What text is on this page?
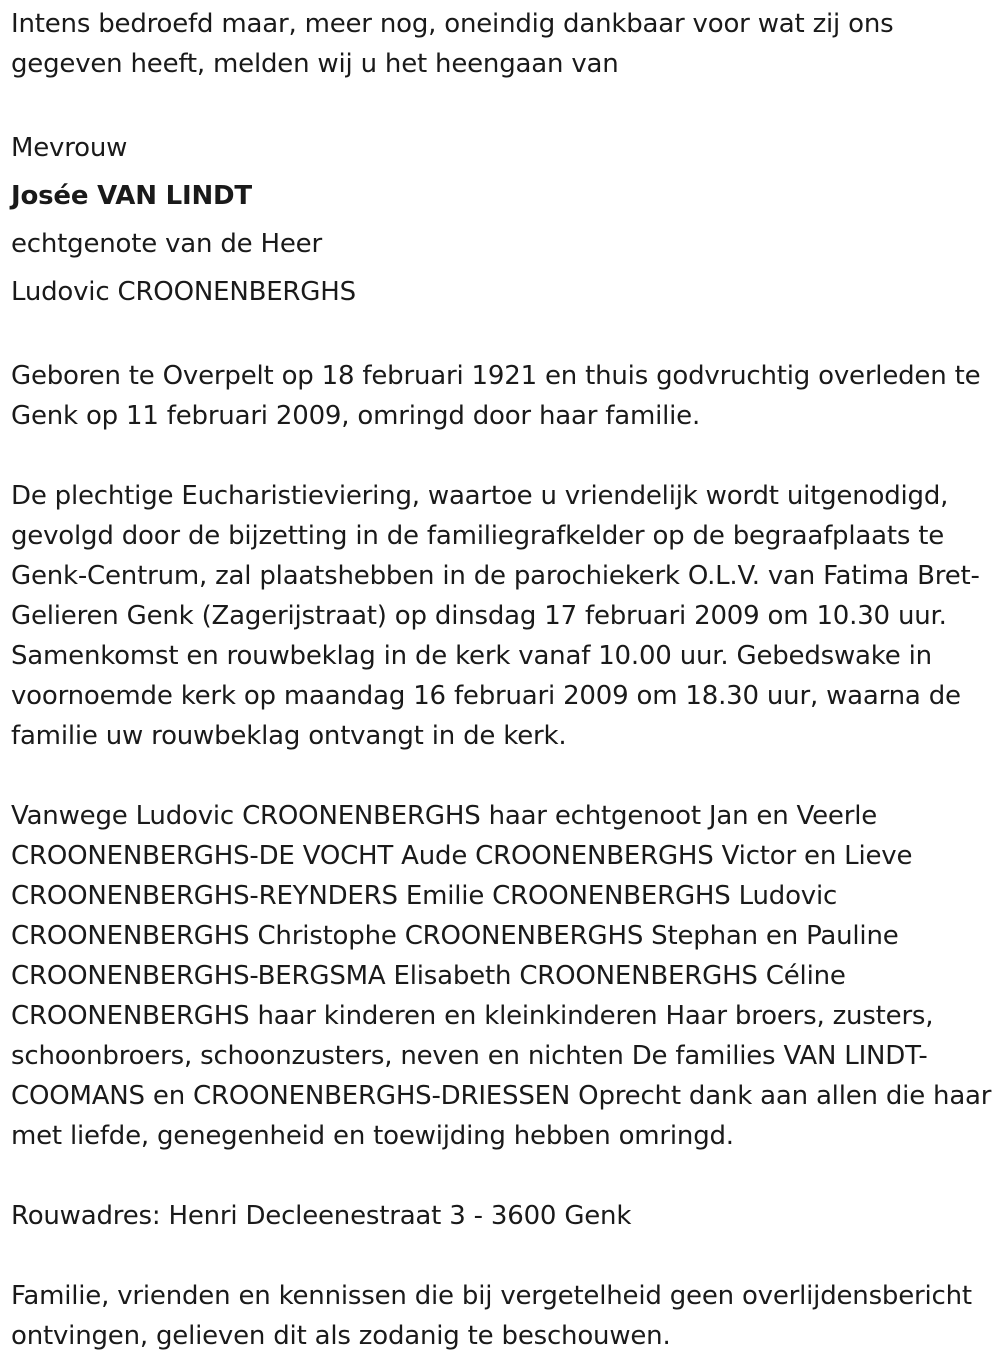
Intens bedroefd maar, meer nog, oneindig dankbaar voor wat zij ons gegeven heeft, melden wij u het heengaan van

Mevrouw

Josée VAN LINDT

echtgenote van de Heer

Ludovic CROONENBERGHS

Geboren te Overpelt op 18 februari 1921 en thuis godvruchtig overleden te Genk op 11 februari 2009, omringd door haar familie.

De plechtige Eucharistieviering, waartoe u vriendelijk wordt uitgenodigd, gevolgd door de bijzetting in de familiegrafkelder op de begraafplaats te Genk-Centrum, zal plaatshebben in de parochiekerk O.L.V. van Fatima Bret-Gelieren Genk (Zagerijstraat) op dinsdag 17 februari 2009 om 10.30 uur. Samenkomst en rouwbeklag in de kerk vanaf 10.00 uur. Gebedswake in voornoemde kerk op maandag 16 februari 2009 om 18.30 uur, waarna de familie uw rouwbeklag ontvangt in de kerk.

Vanwege Ludovic CROONENBERGHS haar echtgenoot Jan en Veerle CROONENBERGHS-DE VOCHT Aude CROONENBERGHS Victor en Lieve CROONENBERGHS-REYNDERS Emilie CROONENBERGHS Ludovic CROONENBERGHS Christophe CROONENBERGHS Stephan en Pauline CROONENBERGHS-BERGSMA Elisabeth CROONENBERGHS Céline CROONENBERGHS haar kinderen en kleinkinderen Haar broers, zusters, schoonbroers, schoonzusters, neven en nichten De families VAN LINDT-COOMANS en CROONENBERGHS-DRIESSEN Oprecht dank aan allen die haar met liefde, genegenheid en toewijding hebben omringd.

Rouwadres: Henri Decleenestraat 3 - 3600 Genk

Familie, vrienden en kennissen die bij vergetelheid geen overlijdensbericht ontvingen, gelieven dit als zodanig te beschouwen.
